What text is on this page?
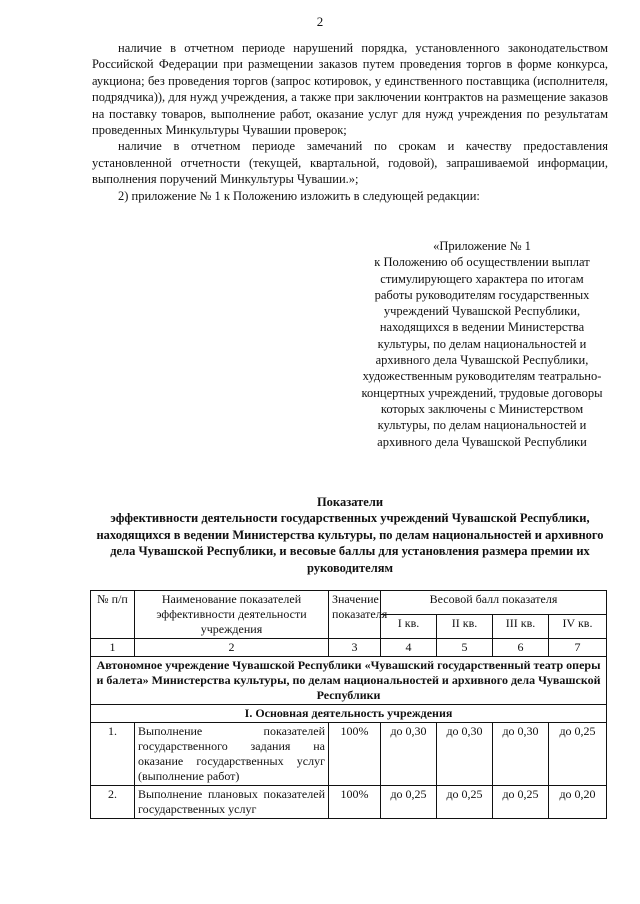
2

наличие в отчетном периоде нарушений порядка, установленного законодательством Российской Федерации при размещении заказов путем проведения торгов в форме конкурса, аукциона; без проведения торгов (запрос котировок, у единственного поставщика (исполнителя, подрядчика)), для нужд учреждения, а также при заключении контрактов на размещение заказов на поставку товаров, выполнение работ, оказание услуг для нужд учреждения по результатам проведенных Минкультуры Чувашии проверок;

наличие в отчетном периоде замечаний по срокам и качеству предоставления установленной отчетности (текущей, квартальной, годовой), запрашиваемой информации, выполнения поручений Минкультуры Чувашии.»;

2) приложение № 1 к Положению изложить в следующей редакции:

«Приложение № 1

к Положению об осуществлении выплат стимулирующего характера по итогам работы руководителям государственных учреждений Чувашской Республики, находящихся в ведении Министерства культуры, по делам национальностей и архивного дела Чувашской Республики, художественным руководителям театрально-концертных учреждений, трудовые договоры которых заключены с Министерством культуры, по делам национальностей и архивного дела Чувашской Республики

Показатели

эффективности деятельности государственных учреждений Чувашской Республики, находящихся в ведении Министерства культуры, по делам национальностей и архивного дела Чувашской Республики, и весовые баллы для установления размера премии их руководителям

№ п/п	Наименование показателей эффективности деятельности учреждения	Значение показателя	Весовой балл показателя			
			I кв.	II кв.	III кв.	IV кв.
1	2	3	4	5	6	7
Автономное учреждение Чувашской Республики «Чувашский государственный театр оперы и балета» Министерства культуры, по делам национальностей и архивного дела Чувашской Республики						
I. Основная деятельность учреждения						
1.	Выполнение показателей государственного задания на оказание государственных услуг (выполнение работ)	100%	до 0,30	до 0,30	до 0,30	до 0,25
2.	Выполнение плановых показателей государственных услуг	100%	до 0,25	до 0,25	до 0,25	до 0,20
